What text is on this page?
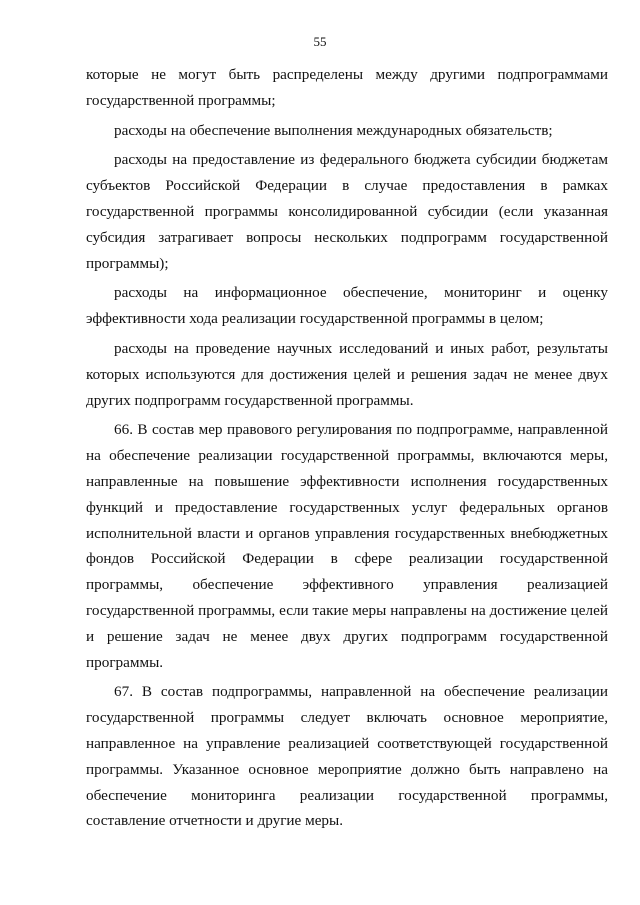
55

которые не могут быть распределены между другими подпрограммами государственной программы;

расходы на обеспечение выполнения международных обязательств;

расходы на предоставление из федерального бюджета субсидии бюджетам субъектов Российской Федерации в случае предоставления в рамках государственной программы консолидированной субсидии (если указанная субсидия затрагивает вопросы нескольких подпрограмм государственной программы);

расходы на информационное обеспечение, мониторинг и оценку эффективности хода реализации государственной программы в целом;

расходы на проведение научных исследований и иных работ, результаты которых используются для достижения целей и решения задач не менее двух других подпрограмм государственной программы.

66. В состав мер правового регулирования по подпрограмме, направленной на обеспечение реализации государственной программы, включаются меры, направленные на повышение эффективности исполнения государственных функций и предоставление государственных услуг федеральных органов исполнительной власти и органов управления государственных внебюджетных фондов Российской Федерации в сфере реализации государственной программы, обеспечение эффективного управления реализацией государственной программы, если такие меры направлены на достижение целей и решение задач не менее двух других подпрограмм государственной программы.

67. В состав подпрограммы, направленной на обеспечение реализации государственной программы следует включать основное мероприятие, направленное на управление реализацией соответствующей государственной программы. Указанное основное мероприятие должно быть направлено на обеспечение мониторинга реализации государственной программы, составление отчетности и другие меры.
